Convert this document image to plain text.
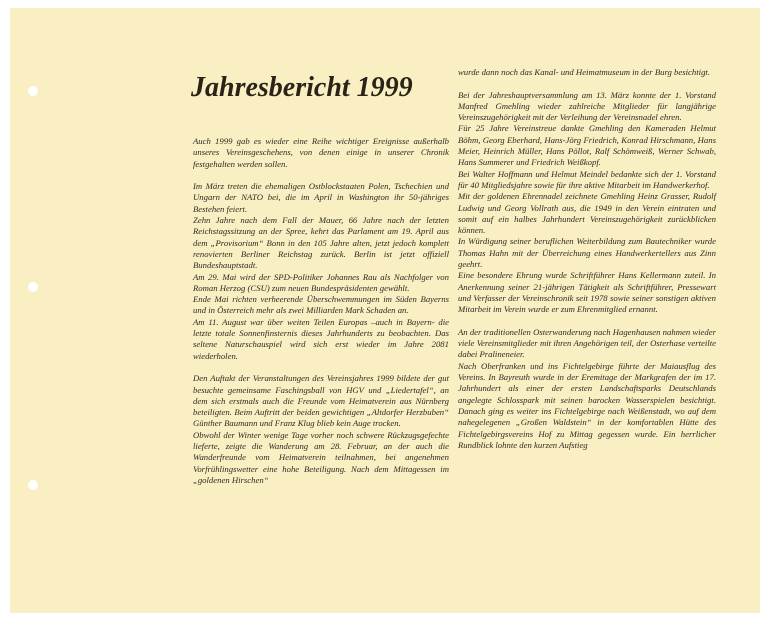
Jahresbericht 1999

Auch 1999 gab es wieder eine Reihe wichtiger Ereignisse außerhalb unseres Vereinsgeschehens, von denen einige in unserer Chronik festgehalten werden sollen.

Im März treten die ehemaligen Ostblockstaaten Polen, Tschechien und Ungarn der NATO bei, die im April in Washington ihr 50-jähriges Bestehen feiert.

Zehn Jahre nach dem Fall der Mauer, 66 Jahre nach der letzten Reichstagssitzung an der Spree, kehrt das Parlament am 19. April aus dem „Provisorium“ Bonn in den 105 Jahre alten, jetzt jedoch komplett renovierten Berliner Reichstag zurück. Berlin ist jetzt offiziell Bundeshauptstadt.

Am 29. Mai wird der SPD-Politiker Johannes Rau als Nachfolger von Roman Herzog (CSU) zum neuen Bundespräsidenten gewählt.

Ende Mai richten verheerende Überschwemmungen im Süden Bayerns und in Österreich mehr als zwei Milliarden Mark Schaden an.

Am 11. August war über weiten Teilen Europas –auch in Bayern- die letzte totale Sonnenfinsternis dieses Jahrhunderts zu beobachten. Das seltene Naturschauspiel wird sich erst wieder im Jahre 2081 wiederholen.

Den Auftakt der Veranstaltungen des Vereinsjahres 1999 bildete der gut besuchte gemeinsame Faschingsball von HGV und „Liedertafel“, an dem sich erstmals auch die Freunde vom Heimatverein aus Nürnberg beteiligten. Beim Auftritt der beiden gewichtigen „Altdorfer Herzbuben“ Günther Baumann und Franz Klug blieb kein Auge trocken.

Obwohl der Winter wenige Tage vorher noch schwere Rückzugsgefechte lieferte, zeigte die Wanderung am 28. Februar, an der auch die Wanderfreunde vom Heimatverein teilnahmen, bei angenehmen Vorfrühlingswetter eine hohe Beteiligung. Nach dem Mittagessen im „goldenen Hirschen“

wurde dann noch das Kanal- und Heimatmuseum in der Burg besichtigt.

Bei der Jahreshauptversammlung am 13. März konnte der 1. Vorstand Manfred Gmehling wieder zahlreiche Mitglieder für langjährige Vereinszugehörigkeit mit der Verleihung der Vereinsnadel ehren.

Für 25 Jahre Vereinstreue dankte Gmehling den Kameraden Helmut Böhm, Georg Eberhard, Hans-Jörg Friedrich, Konrad Hirschmann, Hans Meier, Heinrich Müller, Hans Pöllot, Ralf Schömweiß, Werner Schwab, Hans Summerer und Friedrich Weißkopf.

Bei Walter Hoffmann und Helmut Meindel bedankte sich der 1. Vorstand für 40 Mitgliedsjahre sowie für ihre aktive Mitarbeit im Handwerkerhof.

Mit der goldenen Ehrennadel zeichnete Gmehling Heinz Grasser, Rudolf Ludwig und Georg Vollrath aus, die 1949 in den Verein eintraten und somit auf ein halbes Jahrhundert Vereinszugehörigkeit zurückblicken können.

In Würdigung seiner beruflichen Weiterbildung zum Bautechniker wurde Thomas Hahn mit der Überreichung eines Handwerkertellers aus Zinn geehrt.

Eine besondere Ehrung wurde Schriftführer Hans Kellermann zuteil. In Anerkennung seiner 21-jährigen Tätigkeit als Schriftführer, Pressewart und Verfasser der Vereinschronik seit 1978 sowie seiner sonstigen aktiven Mitarbeit im Verein wurde er zum Ehrenmitglied ernannt.

An der traditionellen Osterwanderung nach Hagenhausen nahmen wieder viele Vereinsmitglieder mit ihren Angehörigen teil, der Osterhase verteilte dabei Pralineneier.

Nach Oberfranken und ins Fichtelgebirge führte der Maiausflug des Vereins. In Bayreuth wurde in der Eremitage der Markgrafen der im 17. Jahrhundert als einer der ersten Landschaftsparks Deutschlands angelegte Schlosspark mit seinen barocken Wasserspielen besichtigt. Danach ging es weiter ins Fichtelgebirge nach Weißenstadt, wo auf dem nahegelegenen „Großen Waldstein“ in der komfortablen Hütte des Fichtelgebirgsvereins Hof zu Mittag gegessen wurde. Ein herrlicher Rundblick lohnte den kurzen Aufstieg
